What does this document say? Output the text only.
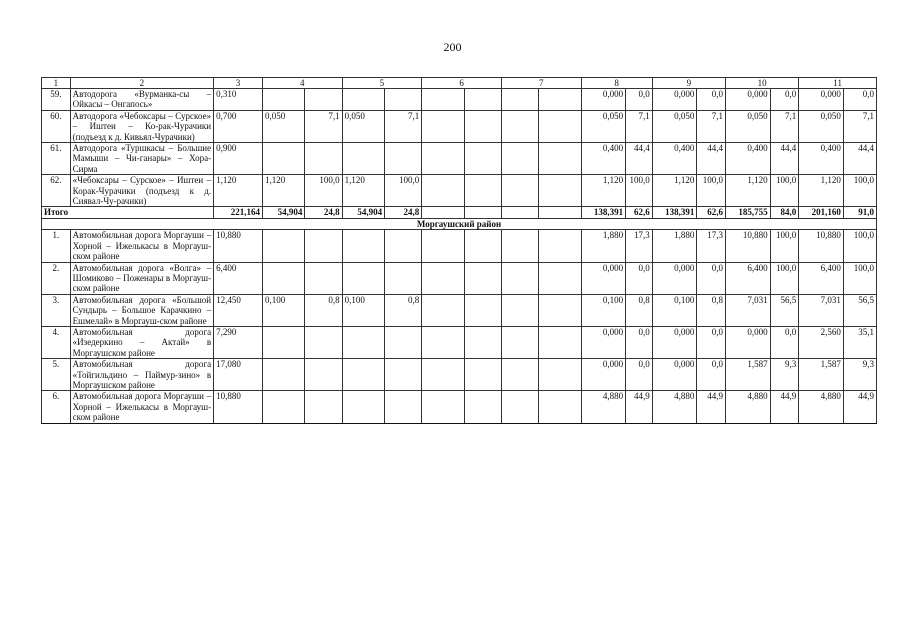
200
1	2	3	4		5		6		7		8		9		10		11	
59.	Автодорога «Вурманка-сы – Ойкасы – Онгапось»	0,310									0,000	0,0	0,000	0,0	0,000	0,0	0,000	0,0
60.	Автодорога «Чебоксары – Сурское» – Иштеи – Ко-рак-Чурачики (подъезд к д. Кивьял-Чурачики)	0,700	0,050	7,1	0,050	7,1					0,050	7,1	0,050	7,1	0,050	7,1	0,050	7,1
61.	Автодорога «Туршкасы – Большие Мамыши – Чи-ганары» – Хора-Сирма	0,900									0,400	44,4	0,400	44,4	0,400	44,4	0,400	44,4
62.	«Чебоксары – Сурское» – Иштеи – Корак-Чурачики (подъезд к д. Сиявал-Чу-рачики)	1,120	1,120	100,0	1,120	100,0					1,120	100,0	1,120	100,0	1,120	100,0	1,120	100,0
Итого		221,164	54,904	24,8	54,904	24,8					138,391	62,6	138,391	62,6	185,755	84,0	201,160	91,0
Моргаушский район																		
1.	Автомобильная дорога Моргауши – Хорной – Ижелькасы в Моргауш-ском районе	10,880									1,880	17,3	1,880	17,3	10,880	100,0	10,880	100,0
2.	Автомобильная дорога «Волга» – Шомиково – Поженары в Моргауш-ском районе	6,400									0,000	0,0	0,000	0,0	6,400	100,0	6,400	100,0
3.	Автомобильная дорога «Большой Сундырь – Большое Карачкино – Ешмелай» в Моргауш-ском районе	12,450	0,100	0,8	0,100	0,8					0,100	0,8	0,100	0,8	7,031	56,5	7,031	56,5
4.	Автомобильная дорога «Изедеркино – Актай» в Моргаушском районе	7,290									0,000	0,0	0,000	0,0	0,000	0,0	2,560	35,1
5.	Автомобильная дорога «Тойгильдино – Паймур-зино» в Моргаушском районе	17,080									0,000	0,0	0,000	0,0	1,587	9,3	1,587	9,3
6.	Автомобильная дорога Моргауши – Хорной – Ижелькасы в Моргауш-ском районе	10,880									4,880	44,9	4,880	44,9	4,880	44,9	4,880	44,9
